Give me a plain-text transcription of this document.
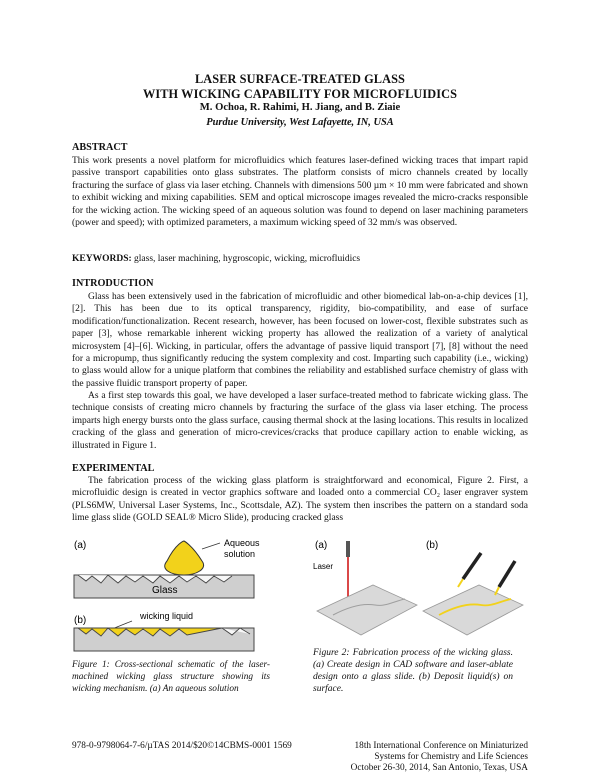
LASER SURFACE-TREATED GLASS
WITH WICKING CAPABILITY FOR MICROFLUIDICS
M. Ochoa, R. Rahimi, H. Jiang, and B. Ziaie
Purdue University, West Lafayette, IN, USA
ABSTRACT
This work presents a novel platform for microfluidics which features laser-defined wicking traces that impart rapid passive transport capabilities onto glass substrates. The platform consists of micro channels created by locally fracturing the surface of glass via laser etching. Channels with dimensions 500 µm × 10 mm were fabricated and shown to exhibit wicking and mixing capabilities. SEM and optical microscope images revealed the micro-cracks responsible for the wicking action. The wicking speed of an aqueous solution was found to depend on laser machining parameters (power and speed); with optimized parameters, a maximum wicking speed of 32 mm/s was observed.
KEYWORDS: glass, laser machining, hygroscopic, wicking, microfluidics
INTRODUCTION
Glass has been extensively used in the fabrication of microfluidic and other biomedical lab-on-a-chip devices [1], [2]. This has been due to its optical transparency, rigidity, bio-compatibility, and ease of surface modification/functionalization. Recent research, however, has been focused on lower-cost, flexible substrates such as paper [3], whose remarkable inherent wicking property has allowed the realization of a variety of analytical microsystem [4]–[6]. Wicking, in particular, offers the advantage of passive liquid transport [7], [8] without the need for a micropump, thus significantly reducing the system complexity and cost. Imparting such capability (i.e., wicking) to glass would allow for a unique platform that combines the reliability and established surface chemistry of glass with the passive fluidic transport property of paper.
As a first step towards this goal, we have developed a laser surface-treated method to fabricate wicking glass. The technique consists of creating micro channels by fracturing the surface of the glass via laser etching. The process imparts high energy bursts onto the glass surface, causing thermal shock at the lasing locations. This results in localized cracking of the glass and generation of micro-crevices/cracks that produce capillary action to enable wicking, as illustrated in Figure 1.
EXPERIMENTAL
The fabrication process of the wicking glass platform is straightforward and economical, Figure 2. First, a microfluidic design is created in vector graphics software and loaded onto a commercial CO₂ laser engraver system (PLS6MW, Universal Laser Systems, Inc., Scottsdale, AZ). The system then inscribes the pattern on a standard soda lime glass slide (GOLD SEAL® Micro Slide), producing cracked glass
(a)	Aqueous
solution
Glass
(b)	wicking liquid
(a)
Laser
(b)
Figure 1: Cross-sectional schematic of the laser-machined wicking glass structure showing its wicking mechanism. (a) An aqueous solution
Figure 2: Fabrication process of the wicking glass. (a) Create design in CAD software and laser-ablate design onto a glass slide. (b) Deposit liquid(s) on surface.
978-0-9798064-7-6/µTAS 2014/$20©14CBMS-0001 1569	18th International Conference on Miniaturized
Systems for Chemistry and Life Sciences
October 26-30, 2014, San Antonio, Texas, USA
